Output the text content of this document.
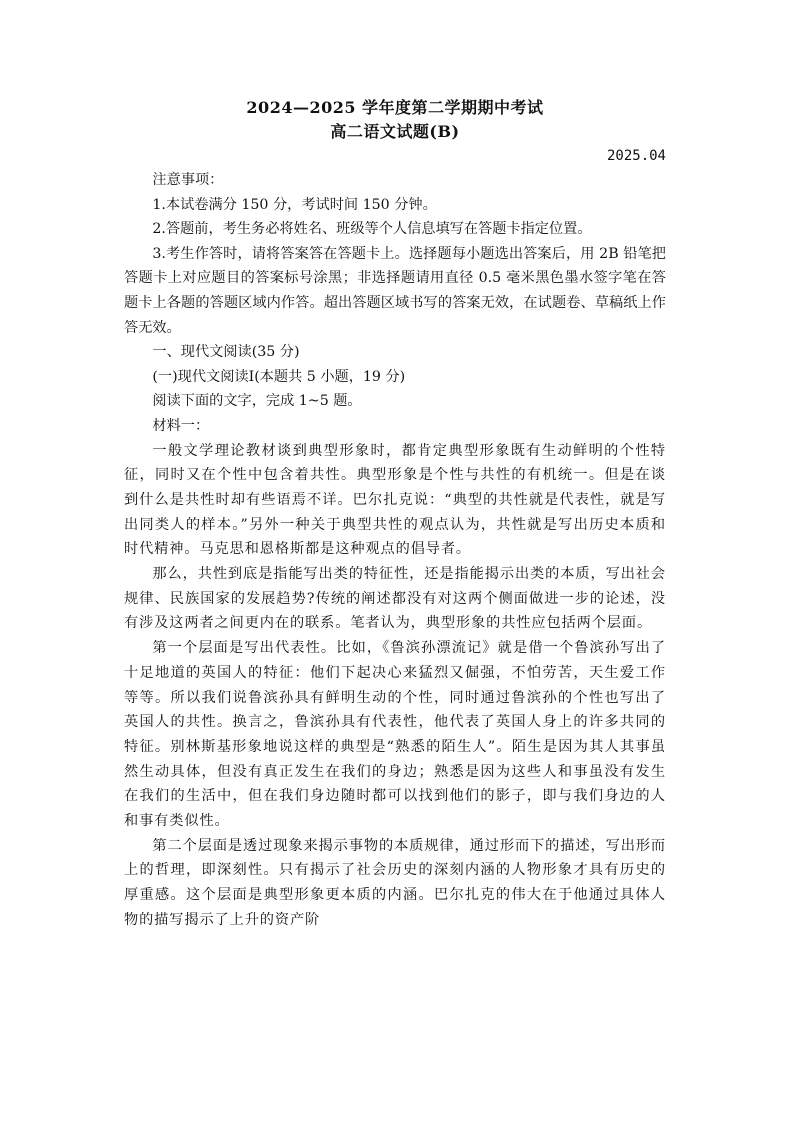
2024—2025 学年度第二学期期中考试
高二语文试题(B)
2025.04
注意事项：
1.本试卷满分 150 分，考试时间 150 分钟。
2.答题前，考生务必将姓名、班级等个人信息填写在答题卡指定位置。
3.考生作答时，请将答案答在答题卡上。选择题每小题选出答案后，用 2B 铅笔把答题卡上对应题目的答案标号涂黑；非选择题请用直径 0.5 毫米黑色墨水签字笔在答题卡上各题的答题区域内作答。超出答题区域书写的答案无效，在试题卷、草稿纸上作答无效。
一、现代文阅读(35 分)
(一)现代文阅读Ⅰ(本题共 5 小题，19 分)
阅读下面的文字，完成 1~5 题。
材料一：

一般文学理论教材谈到典型形象时，都肯定典型形象既有生动鲜明的个性特征，同时又在个性中包含着共性。典型形象是个性与共性的有机统一。但是在谈到什么是共性时却有些语焉不详。巴尔扎克说：“典型的共性就是代表性，就是写出同类人的样本。”另外一种关于典型共性的观点认为，共性就是写出历史本质和时代精神。马克思和恩格斯都是这种观点的倡导者。

那么，共性到底是指能写出类的特征性，还是指能揭示出类的本质，写出社会规律、民族国家的发展趋势?传统的阐述都没有对这两个侧面做进一步的论述，没有涉及这两者之间更内在的联系。笔者认为，典型形象的共性应包括两个层面。

第一个层面是写出代表性。比如，《鲁滨孙漂流记》就是借一个鲁滨孙写出了十足地道的英国人的特征：他们下起决心来猛烈又倔强，不怕劳苦，天生爱工作等等。所以我们说鲁滨孙具有鲜明生动的个性，同时通过鲁滨孙的个性也写出了英国人的共性。换言之，鲁滨孙具有代表性，他代表了英国人身上的许多共同的特征。别林斯基形象地说这样的典型是“熟悉的陌生人”。陌生是因为其人其事虽然生动具体，但没有真正发生在我们的身边；熟悉是因为这些人和事虽没有发生在我们的生活中，但在我们身边随时都可以找到他们的影子，即与我们身边的人和事有类似性。

第二个层面是透过现象来揭示事物的本质规律，通过形而下的描述，写出形而上的哲理，即深刻性。只有揭示了社会历史的深刻内涵的人物形象才具有历史的厚重感。这个层面是典型形象更本质的内涵。巴尔扎克的伟大在于他通过具体人物的描写揭示了上升的资产阶
